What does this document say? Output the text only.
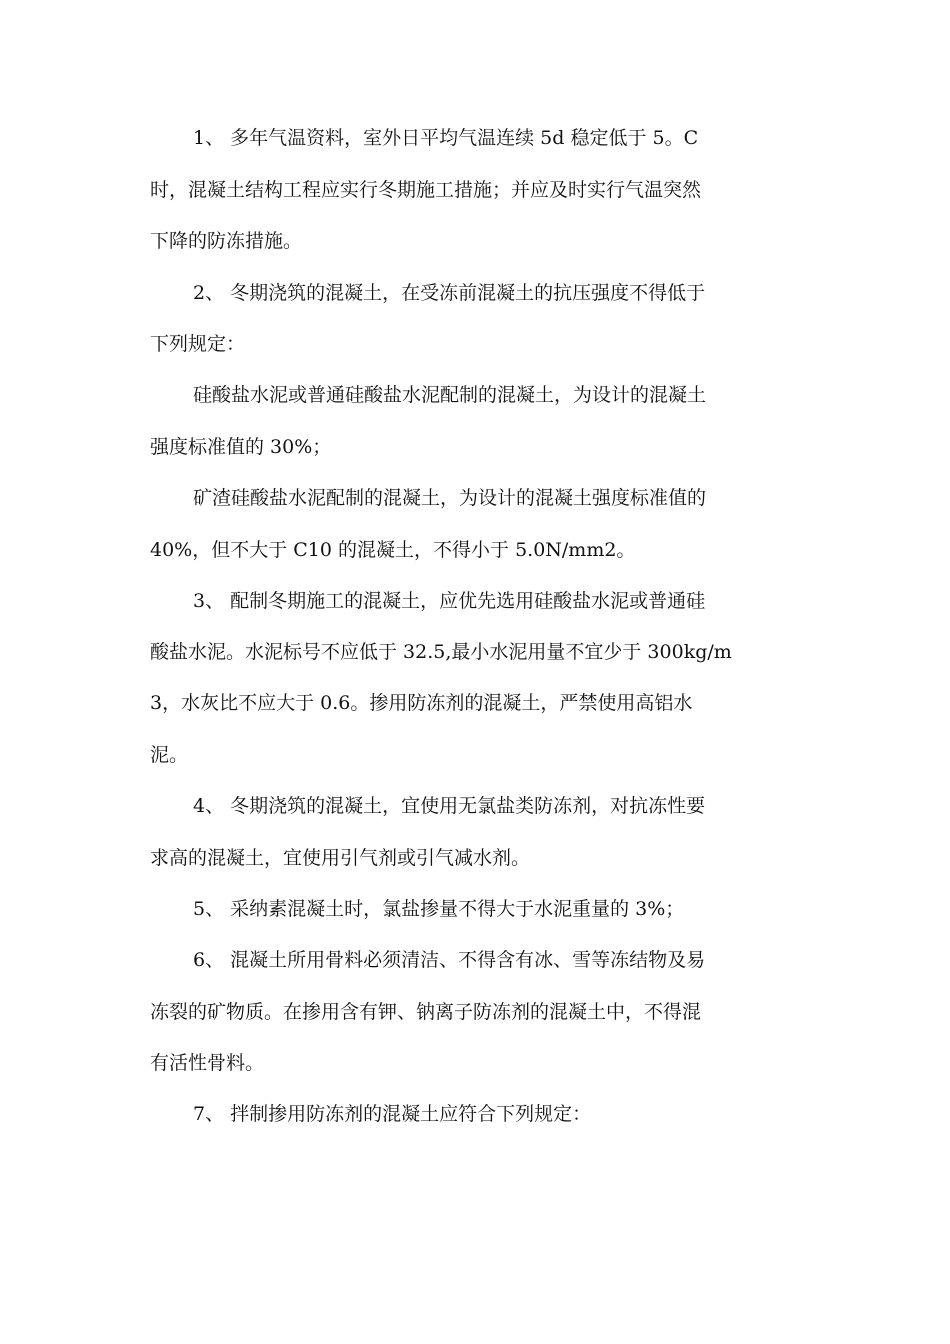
1、 多年气温资料，室外日平均气温连续 5d 稳定低于 5。C
时，混凝土结构工程应实行冬期施工措施；并应及时实行气温突然
下降的防冻措施。
2、 冬期浇筑的混凝土，在受冻前混凝土的抗压强度不得低于
下列规定：
硅酸盐水泥或普通硅酸盐水泥配制的混凝土，为设计的混凝土
强度标准值的 30%；
矿渣硅酸盐水泥配制的混凝土，为设计的混凝土强度标准值的
40%，但不大于 C10 的混凝土，不得小于 5.0N/mm2。
3、 配制冬期施工的混凝土，应优先选用硅酸盐水泥或普通硅
酸盐水泥。水泥标号不应低于 32.5,最小水泥用量不宜少于 300kg/m
3，水灰比不应大于 0.6。掺用防冻剂的混凝土，严禁使用高铝水
泥。
4、 冬期浇筑的混凝土，宜使用无氯盐类防冻剂，对抗冻性要
求高的混凝土，宜使用引气剂或引气减水剂。
5、 采纳素混凝土时，氯盐掺量不得大于水泥重量的 3%；
6、 混凝土所用骨料必须清洁、不得含有冰、雪等冻结物及易
冻裂的矿物质。在掺用含有钾、钠离子防冻剂的混凝土中，不得混
有活性骨料。
7、 拌制掺用防冻剂的混凝土应符合下列规定：
